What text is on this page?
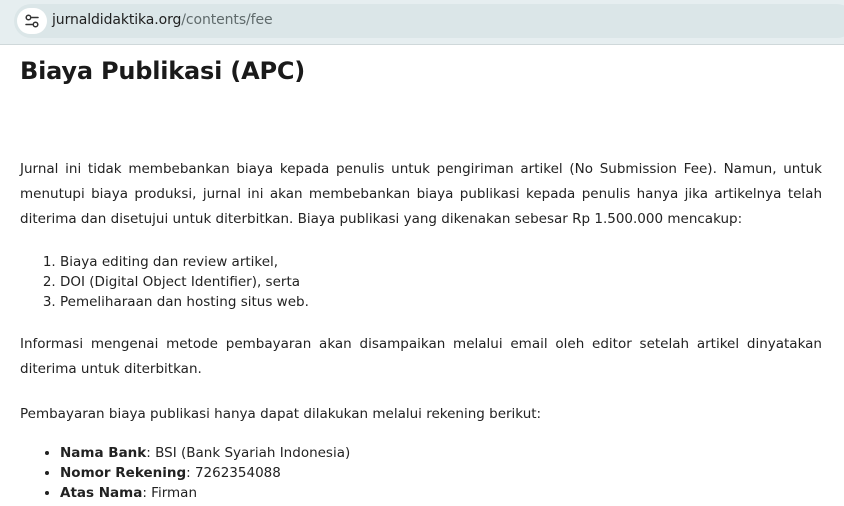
jurnaldidaktika.org/contents/fee
Biaya Publikasi (APC)

Jurnal ini tidak membebankan biaya kepada penulis untuk pengiriman artikel (No Submission Fee). Namun, untuk menutupi biaya produksi, jurnal ini akan membebankan biaya publikasi kepada penulis hanya jika artikelnya telah diterima dan disetujui untuk diterbitkan. Biaya publikasi yang dikenakan sebesar Rp 1.500.000 mencakup:

1. Biaya editing dan review artikel,
2. DOI (Digital Object Identifier), serta
3. Pemeliharaan dan hosting situs web.

Informasi mengenai metode pembayaran akan disampaikan melalui email oleh editor setelah artikel dinyatakan diterima untuk diterbitkan.

Pembayaran biaya publikasi hanya dapat dilakukan melalui rekening berikut:

• Nama Bank: BSI (Bank Syariah Indonesia)
• Nomor Rekening: 7262354088
• Atas Nama: Firman
